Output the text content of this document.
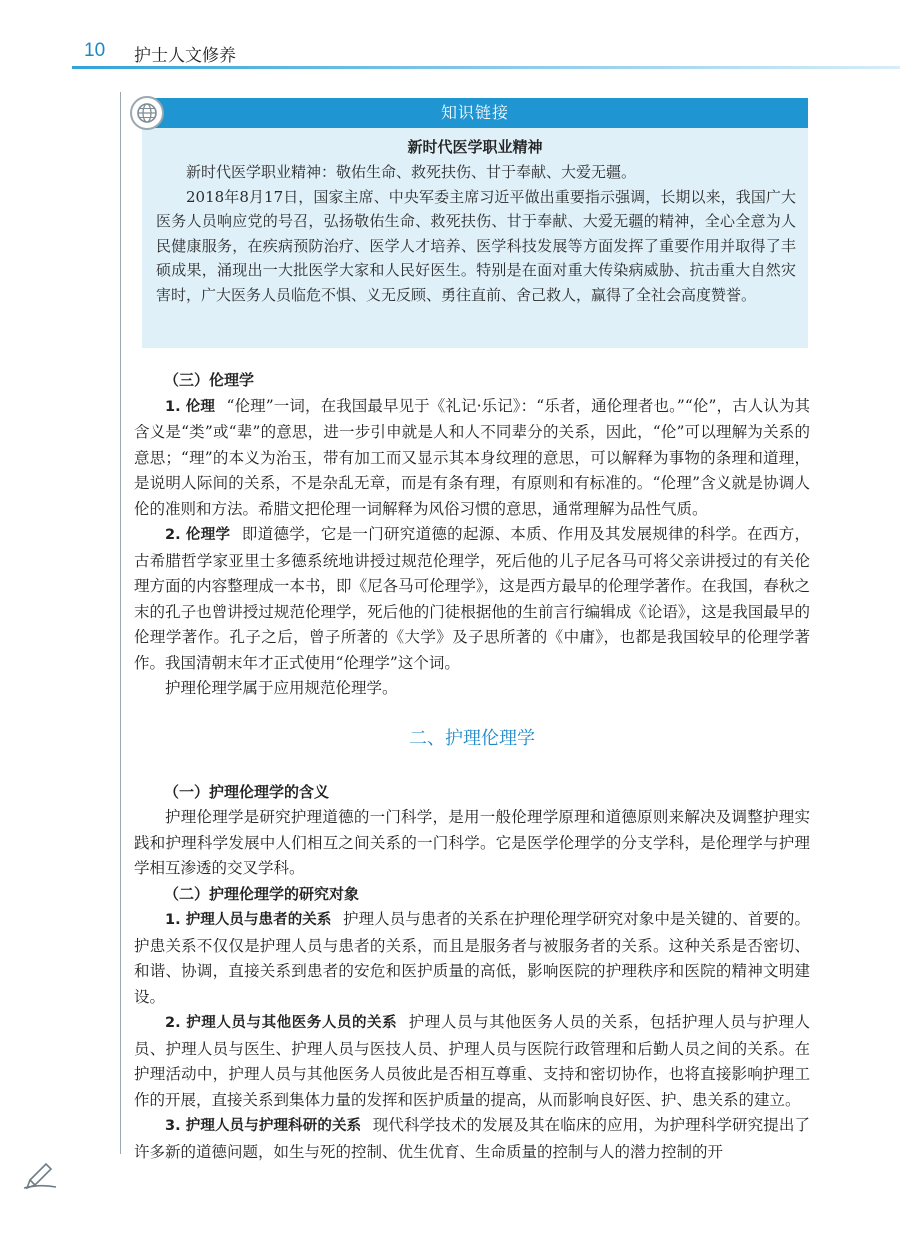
10 护士人文修养
知识链接
新时代医学职业精神

新时代医学职业精神：敬佑生命、救死扶伤、甘于奉献、大爱无疆。

2018年8月17日，国家主席、中央军委主席习近平做出重要指示强调，长期以来，我国广大医务人员响应党的号召，弘扬敬佑生命、救死扶伤、甘于奉献、大爱无疆的精神，全心全意为人民健康服务，在疾病预防治疗、医学人才培养、医学科技发展等方面发挥了重要作用并取得了丰硕成果，涌现出一大批医学大家和人民好医生。特别是在面对重大传染病威胁、抗击重大自然灾害时，广大医务人员临危不惧、义无反顾、勇往直前、舍己救人，赢得了全社会高度赞誉。

（三）伦理学

1. 伦理 “伦理”一词，在我国最早见于《礼记·乐记》：“乐者，通伦理者也。”“伦”，古人认为其含义是“类”或“辈”的意思，进一步引申就是人和人不同辈分的关系，因此，“伦”可以理解为关系的意思；“理”的本义为治玉，带有加工而又显示其本身纹理的意思，可以解释为事物的条理和道理，是说明人际间的关系，不是杂乱无章，而是有条有理，有原则和有标准的。“伦理”含义就是协调人伦的准则和方法。希腊文把伦理一词解释为风俗习惯的意思，通常理解为品性气质。

2. 伦理学 即道德学，它是一门研究道德的起源、本质、作用及其发展规律的科学。在西方，古希腊哲学家亚里士多德系统地讲授过规范伦理学，死后他的儿子尼各马可将父亲讲授过的有关伦理方面的内容整理成一本书，即《尼各马可伦理学》，这是西方最早的伦理学著作。在我国，春秋之末的孔子也曾讲授过规范伦理学，死后他的门徒根据他的生前言行编辑成《论语》，这是我国最早的伦理学著作。孔子之后，曾子所著的《大学》及子思所著的《中庸》，也都是我国较早的伦理学著作。我国清朝末年才正式使用“伦理学”这个词。

护理伦理学属于应用规范伦理学。

二、护理伦理学
（一）护理伦理学的含义

护理伦理学是研究护理道德的一门科学，是用一般伦理学原理和道德原则来解决及调整护理实践和护理科学发展中人们相互之间关系的一门科学。它是医学伦理学的分支学科，是伦理学与护理学相互渗透的交叉学科。

（二）护理伦理学的研究对象

1. 护理人员与患者的关系 护理人员与患者的关系在护理伦理学研究对象中是关键的、首要的。护患关系不仅仅是护理人员与患者的关系，而且是服务者与被服务者的关系。这种关系是否密切、和谐、协调，直接关系到患者的安危和医护质量的高低，影响医院的护理秩序和医院的精神文明建设。

2. 护理人员与其他医务人员的关系 护理人员与其他医务人员的关系，包括护理人员与护理人员、护理人员与医生、护理人员与医技人员、护理人员与医院行政管理和后勤人员之间的关系。在护理活动中，护理人员与其他医务人员彼此是否相互尊重、支持和密切协作，也将直接影响护理工作的开展，直接关系到集体力量的发挥和医护质量的提高，从而影响良好医、护、患关系的建立。

3. 护理人员与护理科研的关系 现代科学技术的发展及其在临床的应用，为护理科学研究提出了许多新的道德问题，如生与死的控制、优生优育、生命质量的控制与人的潜力控制的开
